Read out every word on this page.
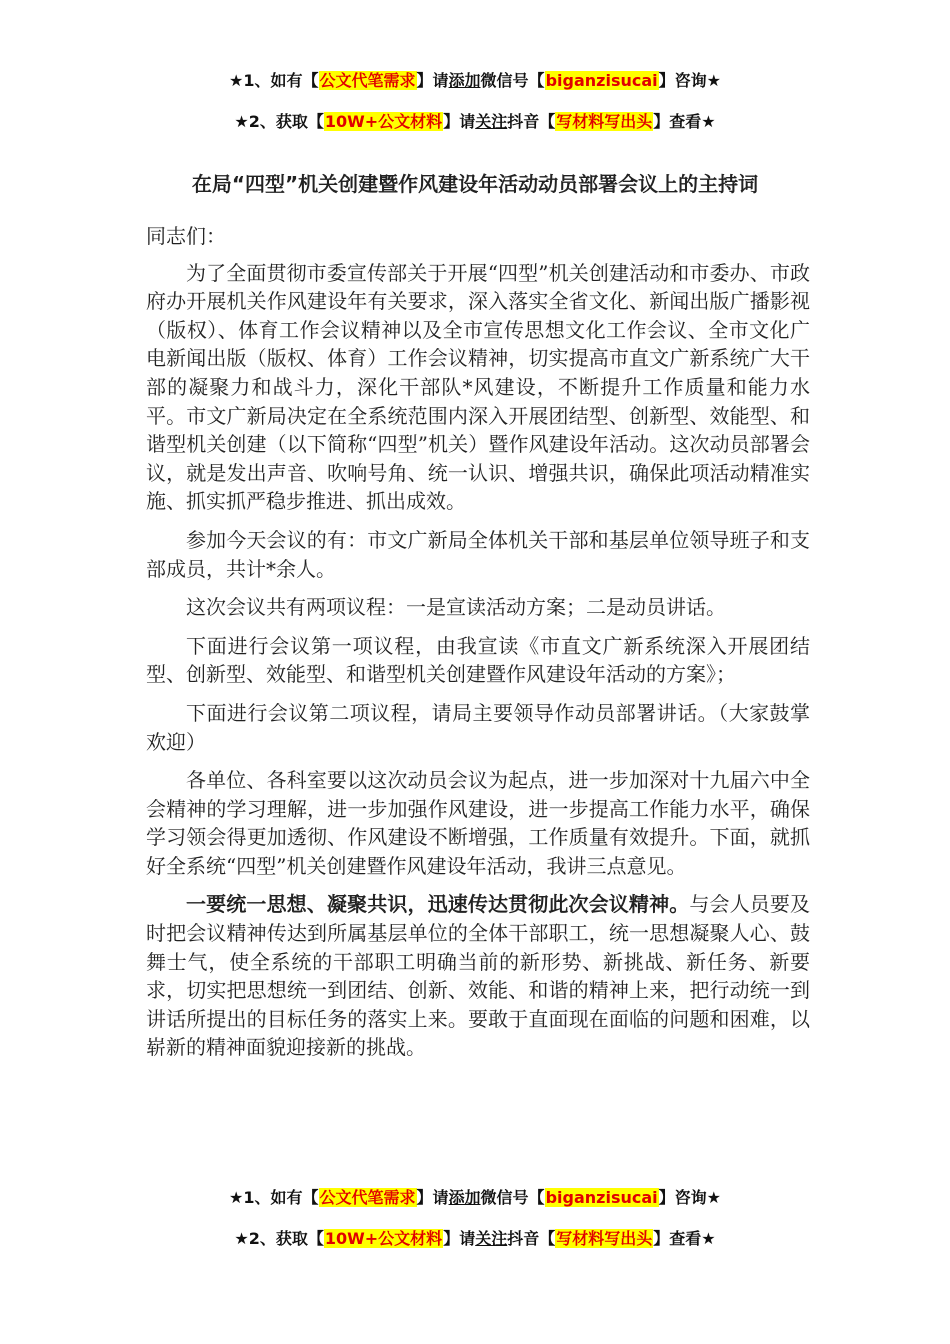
★1、如有【公文代笔需求】请添加微信号【biganzisucai】咨询★
★2、获取【10W+公文材料】请关注抖音【写材料写出头】查看★
在局“四型”机关创建暨作风建设年活动动员部署会议上的主持词

同志们：

为了全面贯彻市委宣传部关于开展“四型”机关创建活动和市委办、市政府办开展机关作风建设年有关要求，深入落实全省文化、新闻出版广播影视（版权）、体育工作会议精神以及全市宣传思想文化工作会议、全市文化广电新闻出版（版权、体育）工作会议精神，切实提高市直文广新系统广大干部的凝聚力和战斗力，深化干部队*风建设，不断提升工作质量和能力水平。市文广新局决定在全系统范围内深入开展团结型、创新型、效能型、和谐型机关创建（以下简称“四型”机关）暨作风建设年活动。这次动员部署会议，就是发出声音、吹响号角、统一认识、增强共识，确保此项活动精准实施、抓实抓严稳步推进、抓出成效。

参加今天会议的有：市文广新局全体机关干部和基层单位领导班子和支部成员，共计*余人。

这次会议共有两项议程：一是宣读活动方案；二是动员讲话。

下面进行会议第一项议程，由我宣读《市直文广新系统深入开展团结型、创新型、效能型、和谐型机关创建暨作风建设年活动的方案》；

下面进行会议第二项议程，请局主要领导作动员部署讲话。（大家鼓掌欢迎）

各单位、各科室要以这次动员会议为起点，进一步加深对十九届六中全会精神的学习理解，进一步加强作风建设，进一步提高工作能力水平，确保学习领会得更加透彻、作风建设不断增强，工作质量有效提升。下面，就抓好全系统“四型”机关创建暨作风建设年活动，我讲三点意见。

一要统一思想、凝聚共识，迅速传达贯彻此次会议精神。与会人员要及时把会议精神传达到所属基层单位的全体干部职工，统一思想凝聚人心、鼓舞士气，使全系统的干部职工明确当前的新形势、新挑战、新任务、新要求，切实把思想统一到团结、创新、效能、和谐的精神上来，把行动统一到讲话所提出的目标任务的落实上来。要敢于直面现在面临的问题和困难，以崭新的精神面貌迎接新的挑战。

★1、如有【公文代笔需求】请添加微信号【biganzisucai】咨询★
★2、获取【10W+公文材料】请关注抖音【写材料写出头】查看★
